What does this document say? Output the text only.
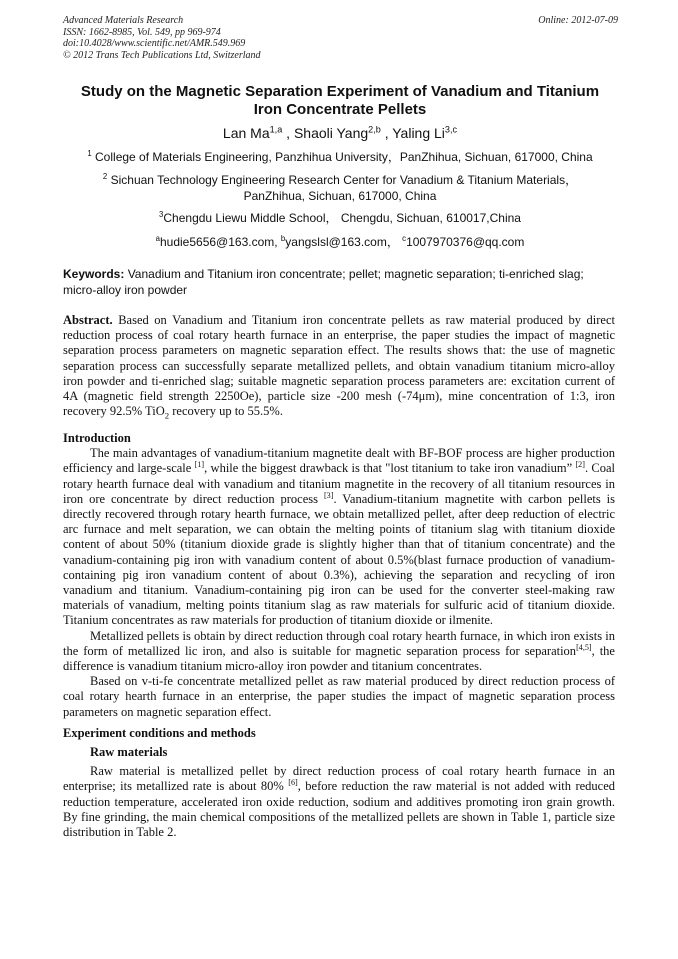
Advanced Materials Research
ISSN: 1662-8985, Vol. 549, pp 969-974
doi:10.4028/www.scientific.net/AMR.549.969
© 2012 Trans Tech Publications Ltd, Switzerland
Online: 2012-07-09
Study on the Magnetic Separation Experiment of Vanadium and Titanium
Iron Concentrate Pellets
Lan Ma$^{1,a}$ , Shaoli Yang$^{2,b}$ , Yaling Li$^{3,c}$
$^1$ College of Materials Engineering, Panzhihua University，PanZhihua, Sichuan, 617000, China
$^2$ Sichuan Technology Engineering Research Center for Vanadium & Titanium Materials，
PanZhihua, Sichuan, 617000, China
$^3$Chengdu Liewu Middle School， Chengdu, Sichuan, 610017,China
$^a$hudie5656@163.com, $^b$yangslsl@163.com， $^c$1007970376@qq.com
Keywords: Vanadium and Titanium iron concentrate; pellet; magnetic separation; ti-enriched slag; micro-alloy iron powder
Abstract. Based on Vanadium and Titanium iron concentrate pellets as raw material produced by direct reduction process of coal rotary hearth furnace in an enterprise, the paper studies the impact of magnetic separation process parameters on magnetic separation effect. The results shows that: the use of magnetic separation process can successfully separate metallized pellets, and obtain vanadium titanium micro-alloy iron powder and ti-enriched slag; suitable magnetic separation process parameters are: excitation current of 4A (magnetic field strength 2250Oe), particle size -200 mesh (-74μm), mine concentration of 1:3, iron recovery 92.5% TiO$_2$ recovery up to 55.5%.
Introduction

The main advantages of vanadium-titanium magnetite dealt with BF-BOF process are higher production efficiency and large-scale [1], while the biggest drawback is that "lost titanium to take iron vanadium” [2]. Coal rotary hearth furnace deal with vanadium and titanium magnetite in the recovery of all titanium resources in iron ore concentrate by direct reduction process [3]. Vanadium-titanium magnetite with carbon pellets is directly recovered through rotary hearth furnace, we obtain metallized pellet, after deep reduction of electric arc furnace and melt separation, we can obtain the melting points of titanium slag with titanium dioxide content of about 50% (titanium dioxide grade is slightly higher than that of titanium concentrate) and the vanadium-containing pig iron with vanadium content of about 0.5%(blast furnace production of vanadium-containing pig iron vanadium content of about 0.3%), achieving the separation and recycling of iron vanadium and titanium. Vanadium-containing pig iron can be used for the converter steel-making raw materials of vanadium, melting points titanium slag as raw materials for sulfuric acid of titanium dioxide. Titanium concentrates as raw materials for production of titanium dioxide or ilmenite.

Metallized pellets is obtain by direct reduction through coal rotary hearth furnace, in which iron exists in the form of metallized lic iron, and also is suitable for magnetic separation process for separation[4,5], the difference is vanadium titanium micro-alloy iron powder and titanium concentrates.

Based on v-ti-fe concentrate metallized pellet as raw material produced by direct reduction process of coal rotary hearth furnace in an enterprise, the paper studies the impact of magnetic separation process parameters on magnetic separation effect.

Experiment conditions and methods
Raw materials

Raw material is metallized pellet by direct reduction process of coal rotary hearth furnace in an enterprise; its metallized rate is about 80% [6], before reduction the raw material is not added with reduced reduction temperature, accelerated iron oxide reduction, sodium and additives promoting iron grain growth. By fine grinding, the main chemical compositions of the metallized pellets are shown in Table 1, particle size distribution in Table 2.
